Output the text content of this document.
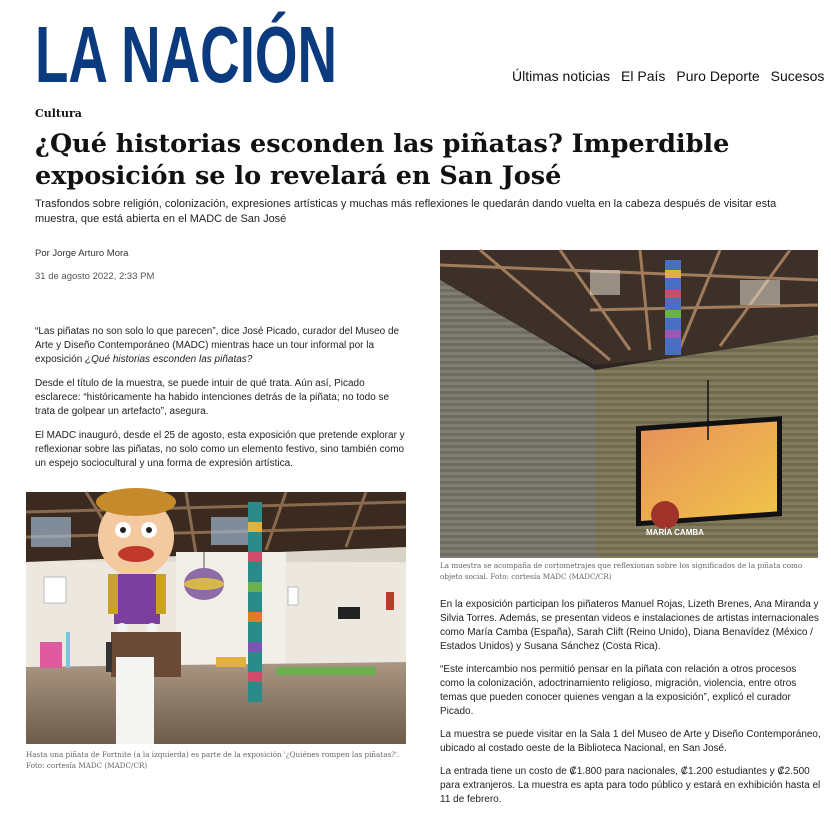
LA NACIÓN	Últimas noticias El País Puro Deporte Sucesos
Cultura
¿Qué historias esconden las piñatas? Imperdible exposición se lo revelará en San José

Trasfondos sobre religión, colonización, expresiones artísticas y muchas más reflexiones le quedarán dando vuelta en la cabeza después de visitar esta muestra, que está abierta en el MADC de San José

Por Jorge Arturo Mora
31 de agosto 2022, 2:33 PM

“Las piñatas no son solo lo que parecen”, dice José Picado, curador del Museo de Arte y Diseño Contemporáneo (MADC) mientras hace un tour informal por la exposición ¿Qué historias esconden las piñatas?

Desde el título de la muestra, se puede intuir de qué trata. Aún así, Picado esclarece: “históricamente ha habido intenciones detrás de la piñata; no todo se trata de golpear un artefacto”, asegura.

El MADC inauguró, desde el 25 de agosto, esta exposición que pretende explorar y reflexionar sobre las piñatas, no solo como un elemento festivo, sino también como un espejo sociocultural y una forma de expresión artística.

Hasta una piñata de Fortnite (a la izquierda) es parte de la exposición '¿Quiénes rompen las piñatas?'. Foto: cortesía MADC (MADC/CR)

MARÍA CAMBA

La muestra se acompaña de cortometrajes que reflexionan sobre los significados de la piñata como objeto social. Foto: cortesía MADC (MADC/CR)

En la exposición participan los piñateros Manuel Rojas, Lizeth Brenes, Ana Miranda y Silvia Torres. Además, se presentan videos e instalaciones de artistas internacionales como María Camba (España), Sarah Clift (Reino Unido), Diana Benavídez (México / Estados Unidos) y Susana Sánchez (Costa Rica).

“Este intercambio nos permitió pensar en la piñata con relación a otros procesos como la colonización, adoctrinamiento religioso, migración, violencia, entre otros temas que pueden conocer quienes vengan a la exposición”, explicó el curador Picado.

La muestra se puede visitar en la Sala 1 del Museo de Arte y Diseño Contemporáneo, ubicado al costado oeste de la Biblioteca Nacional, en San José.

La entrada tiene un costo de ₡1.800 para nacionales, ₡1.200 estudiantes y ₡2.500 para extranjeros. La muestra es apta para todo público y estará en exhibición hasta el 11 de febrero.
